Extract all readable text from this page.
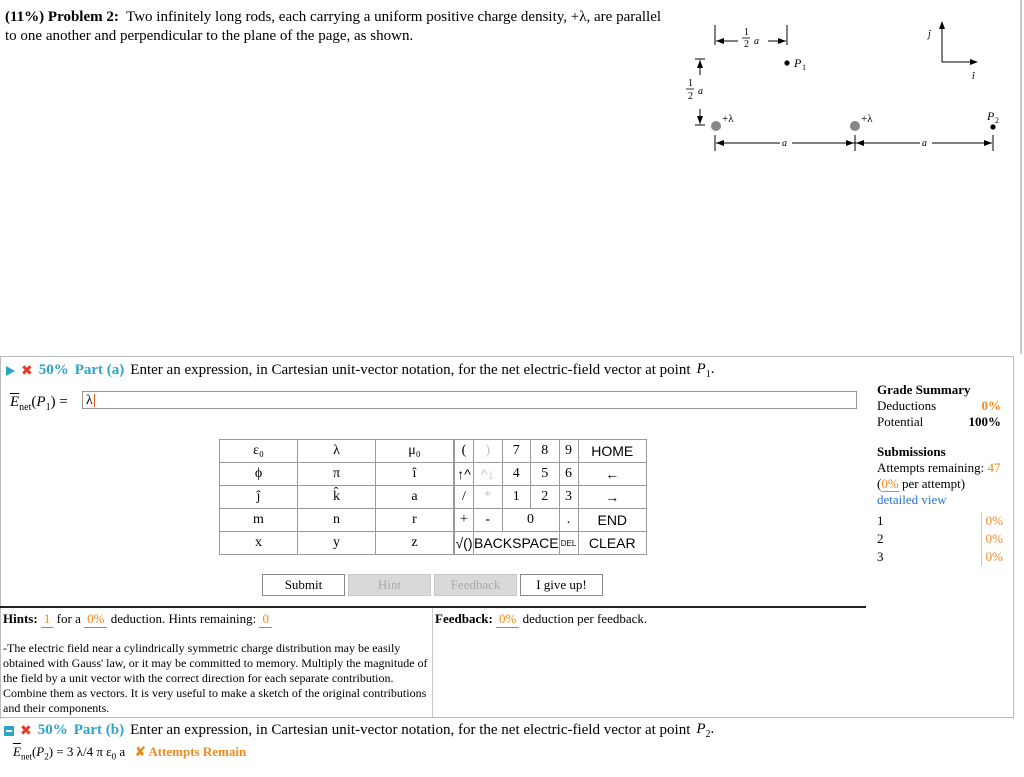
(11%) Problem 2: Two infinitely long rods, each carrying a uniform positive charge density, +λ, are parallel to one another and perpendicular to the plane of the page, as shown.	1
2 a
P 1
1
2 a
+λ	+λ	P 2
a	a
ĵ
î
✖ 50% Part (a) Enter an expression, in Cartesian unit-vector notation, for the net electric-field vector at point $P_1$.
$\overline{E}_{net}(P_1) = \lambda$
ε₀	λ	μ₀
ϕ	π	î
ĵ	k̂	a
m	n	r
x	y	z
(	)	7	8	9	HOME
↑^	^↓	4	5	6	←
/	*	1	2	3	→
+	-	0		.	END
√()	BACKSPACE			DEL	CLEAR
Submit	Hint	Feedback	I give up!
Grade Summary
Deductions	0%
Potential	100%
Submissions
Attempts remaining: 47
(0% per attempt)
detailed view
1	0%
2	0%
3	0%
Hints: 1 for a 0% deduction. Hints remaining: 0	Feedback: 0% deduction per feedback.
-The electric field near a cylindrically symmetric charge distribution may be easily obtained with Gauss' law, or it may be committed to memory. Multiply the magnitude of the field by a unit vector with the correct direction for each separate contribution. Combine them as vectors. It is very useful to make a sketch of the original contributions and their components.
✖ 50% Part (b) Enter an expression, in Cartesian unit-vector notation, for the net electric-field vector at point $P_2$.
$\overline{E}_{net}(P_2) = 3$ λ/4 π $\varepsilon_0$ a ✘ Attempts Remain
